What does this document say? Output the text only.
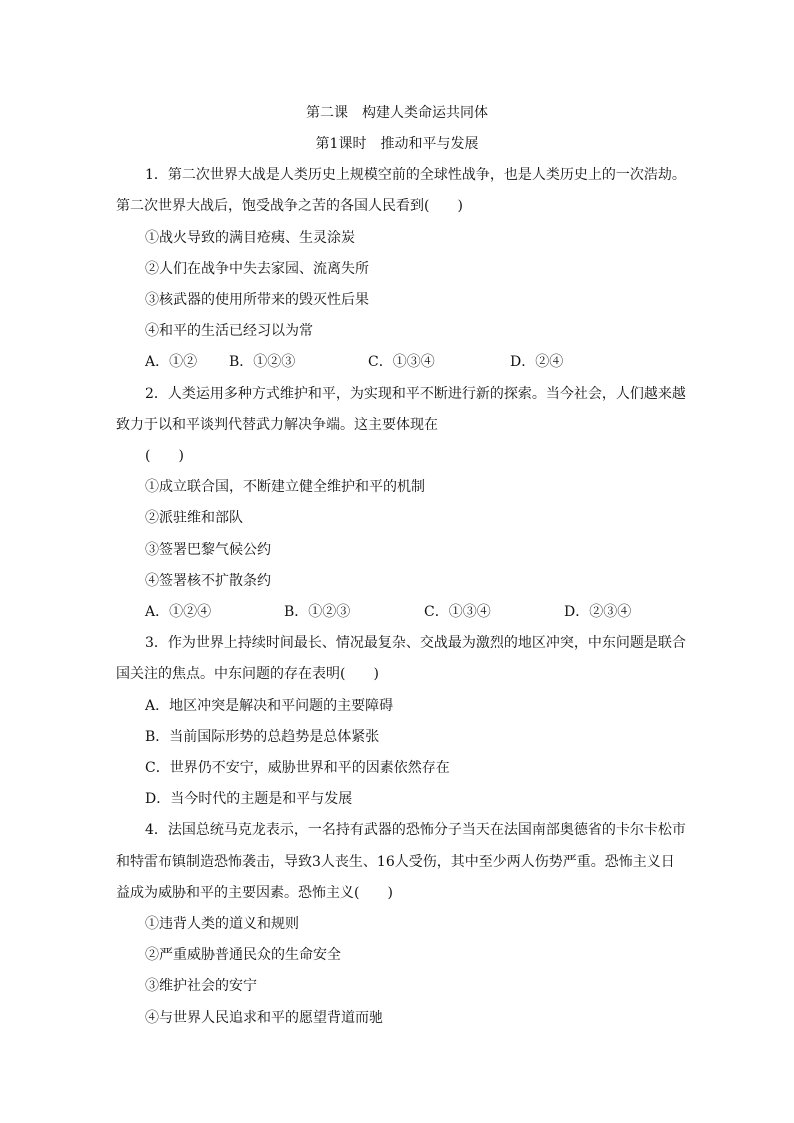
第二课　构建人类命运共同体
第1课时　推动和平与发展
1．第二次世界大战是人类历史上规模空前的全球性战争，也是人类历史上的一次浩劫。
第二次世界大战后，饱受战争之苦的各国人民看到(　　)
①战火导致的满目疮痍、生灵涂炭
②人们在战争中失去家园、流离失所
③核武器的使用所带来的毁灭性后果
④和平的生活已经习以为常
A．①② B．①②③	C．①③④	D．②④
2．人类运用多种方式维护和平，为实现和平不断进行新的探索。当今社会，人们越来越
致力于以和平谈判代替武力解决争端。这主要体现在
(　　)
①成立联合国，不断建立健全维护和平的机制
②派驻维和部队
③签署巴黎气候公约
④签署核不扩散条约
A．①②④	B．①②③	C．①③④	D．②③④
3．作为世界上持续时间最长、情况最复杂、交战最为激烈的地区冲突，中东问题是联合
国关注的焦点。中东问题的存在表明(　　)
A．地区冲突是解决和平问题的主要障碍
B．当前国际形势的总趋势是总体紧张
C．世界仍不安宁，威胁世界和平的因素依然存在
D．当今时代的主题是和平与发展
4．法国总统马克龙表示，一名持有武器的恐怖分子当天在法国南部奥德省的卡尔卡松市
和特雷布镇制造恐怖袭击，导致3人丧生、16人受伤，其中至少两人伤势严重。恐怖主义日
益成为威胁和平的主要因素。恐怖主义(　　)
①违背人类的道义和规则
②严重威胁普通民众的生命安全
③维护社会的安宁
④与世界人民追求和平的愿望背道而驰
